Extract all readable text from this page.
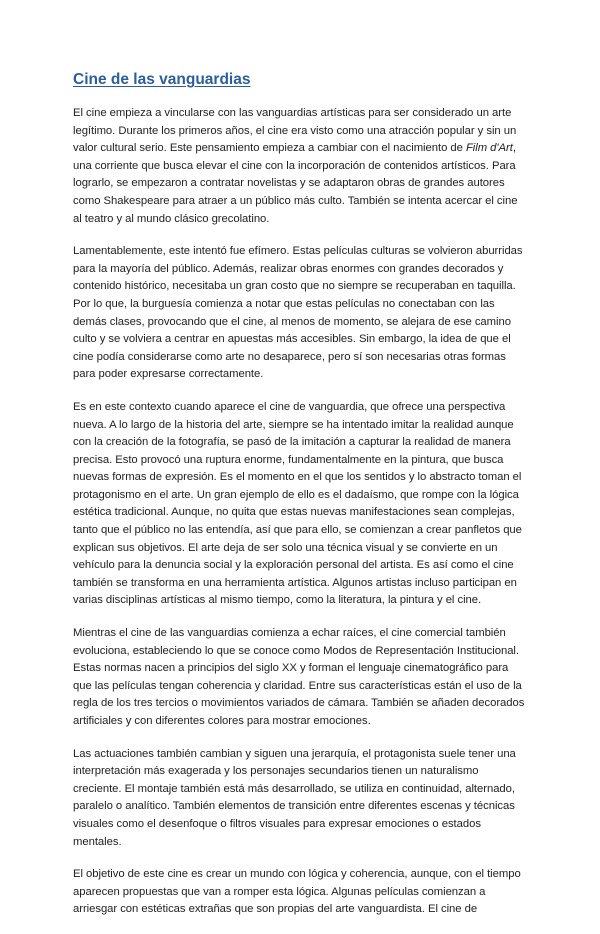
Cine de las vanguardias

El cine empieza a vincularse con las vanguardias artísticas para ser considerado un arte legítimo. Durante los primeros años, el cine era visto como una atracción popular y sin un valor cultural serio. Este pensamiento empieza a cambiar con el nacimiento de Film d'Art, una corriente que busca elevar el cine con la incorporación de contenidos artísticos. Para lograrlo, se empezaron a contratar novelistas y se adaptaron obras de grandes autores como Shakespeare para atraer a un público más culto. También se intenta acercar el cine al teatro y al mundo clásico grecolatino.

Lamentablemente, este intentó fue efímero. Estas películas culturas se volvieron aburridas para la mayoría del público. Además, realizar obras enormes con grandes decorados y contenido histórico, necesitaba un gran costo que no siempre se recuperaban en taquilla. Por lo que, la burguesía comienza a notar que estas películas no conectaban con las demás clases, provocando que el cine, al menos de momento, se alejara de ese camino culto y se volviera a centrar en apuestas más accesibles. Sin embargo, la idea de que el cine podía considerarse como arte no desaparece, pero sí son necesarias otras formas para poder expresarse correctamente.

Es en este contexto cuando aparece el cine de vanguardia, que ofrece una perspectiva nueva. A lo largo de la historia del arte, siempre se ha intentado imitar la realidad aunque con la creación de la fotografía, se pasó de la imitación a capturar la realidad de manera precisa. Esto provocó una ruptura enorme, fundamentalmente en la pintura, que busca nuevas formas de expresión. Es el momento en el que los sentidos y lo abstracto toman el protagonismo en el arte. Un gran ejemplo de ello es el dadaísmo, que rompe con la lógica estética tradicional. Aunque, no quita que estas nuevas manifestaciones sean complejas, tanto que el público no las entendía, así que para ello, se comienzan a crear panfletos que explican sus objetivos. El arte deja de ser solo una técnica visual y se convierte en un vehículo para la denuncia social y la exploración personal del artista. Es así como el cine también se transforma en una herramienta artística. Algunos artistas incluso participan en varias disciplinas artísticas al mismo tiempo, como la literatura, la pintura y el cine.

Mientras el cine de las vanguardias comienza a echar raíces, el cine comercial también evoluciona, estableciendo lo que se conoce como Modos de Representación Institucional. Estas normas nacen a principios del siglo XX y forman el lenguaje cinematográfico para que las películas tengan coherencia y claridad. Entre sus características están el uso de la regla de los tres tercios o movimientos variados de cámara. También se añaden decorados artificiales y con diferentes colores para mostrar emociones.

Las actuaciones también cambian y siguen una jerarquía, el protagonista suele tener una interpretación más exagerada y los personajes secundarios tienen un naturalismo creciente. El montaje también está más desarrollado, se utiliza en continuidad, alternado, paralelo o analítico. También elementos de transición entre diferentes escenas y técnicas visuales como el desenfoque o filtros visuales para expresar emociones o estados mentales.

El objetivo de este cine es crear un mundo con lógica y coherencia, aunque, con el tiempo aparecen propuestas que van a romper esta lógica. Algunas películas comienzan a arriesgar con estéticas extrañas que son propias del arte vanguardista. El cine de
